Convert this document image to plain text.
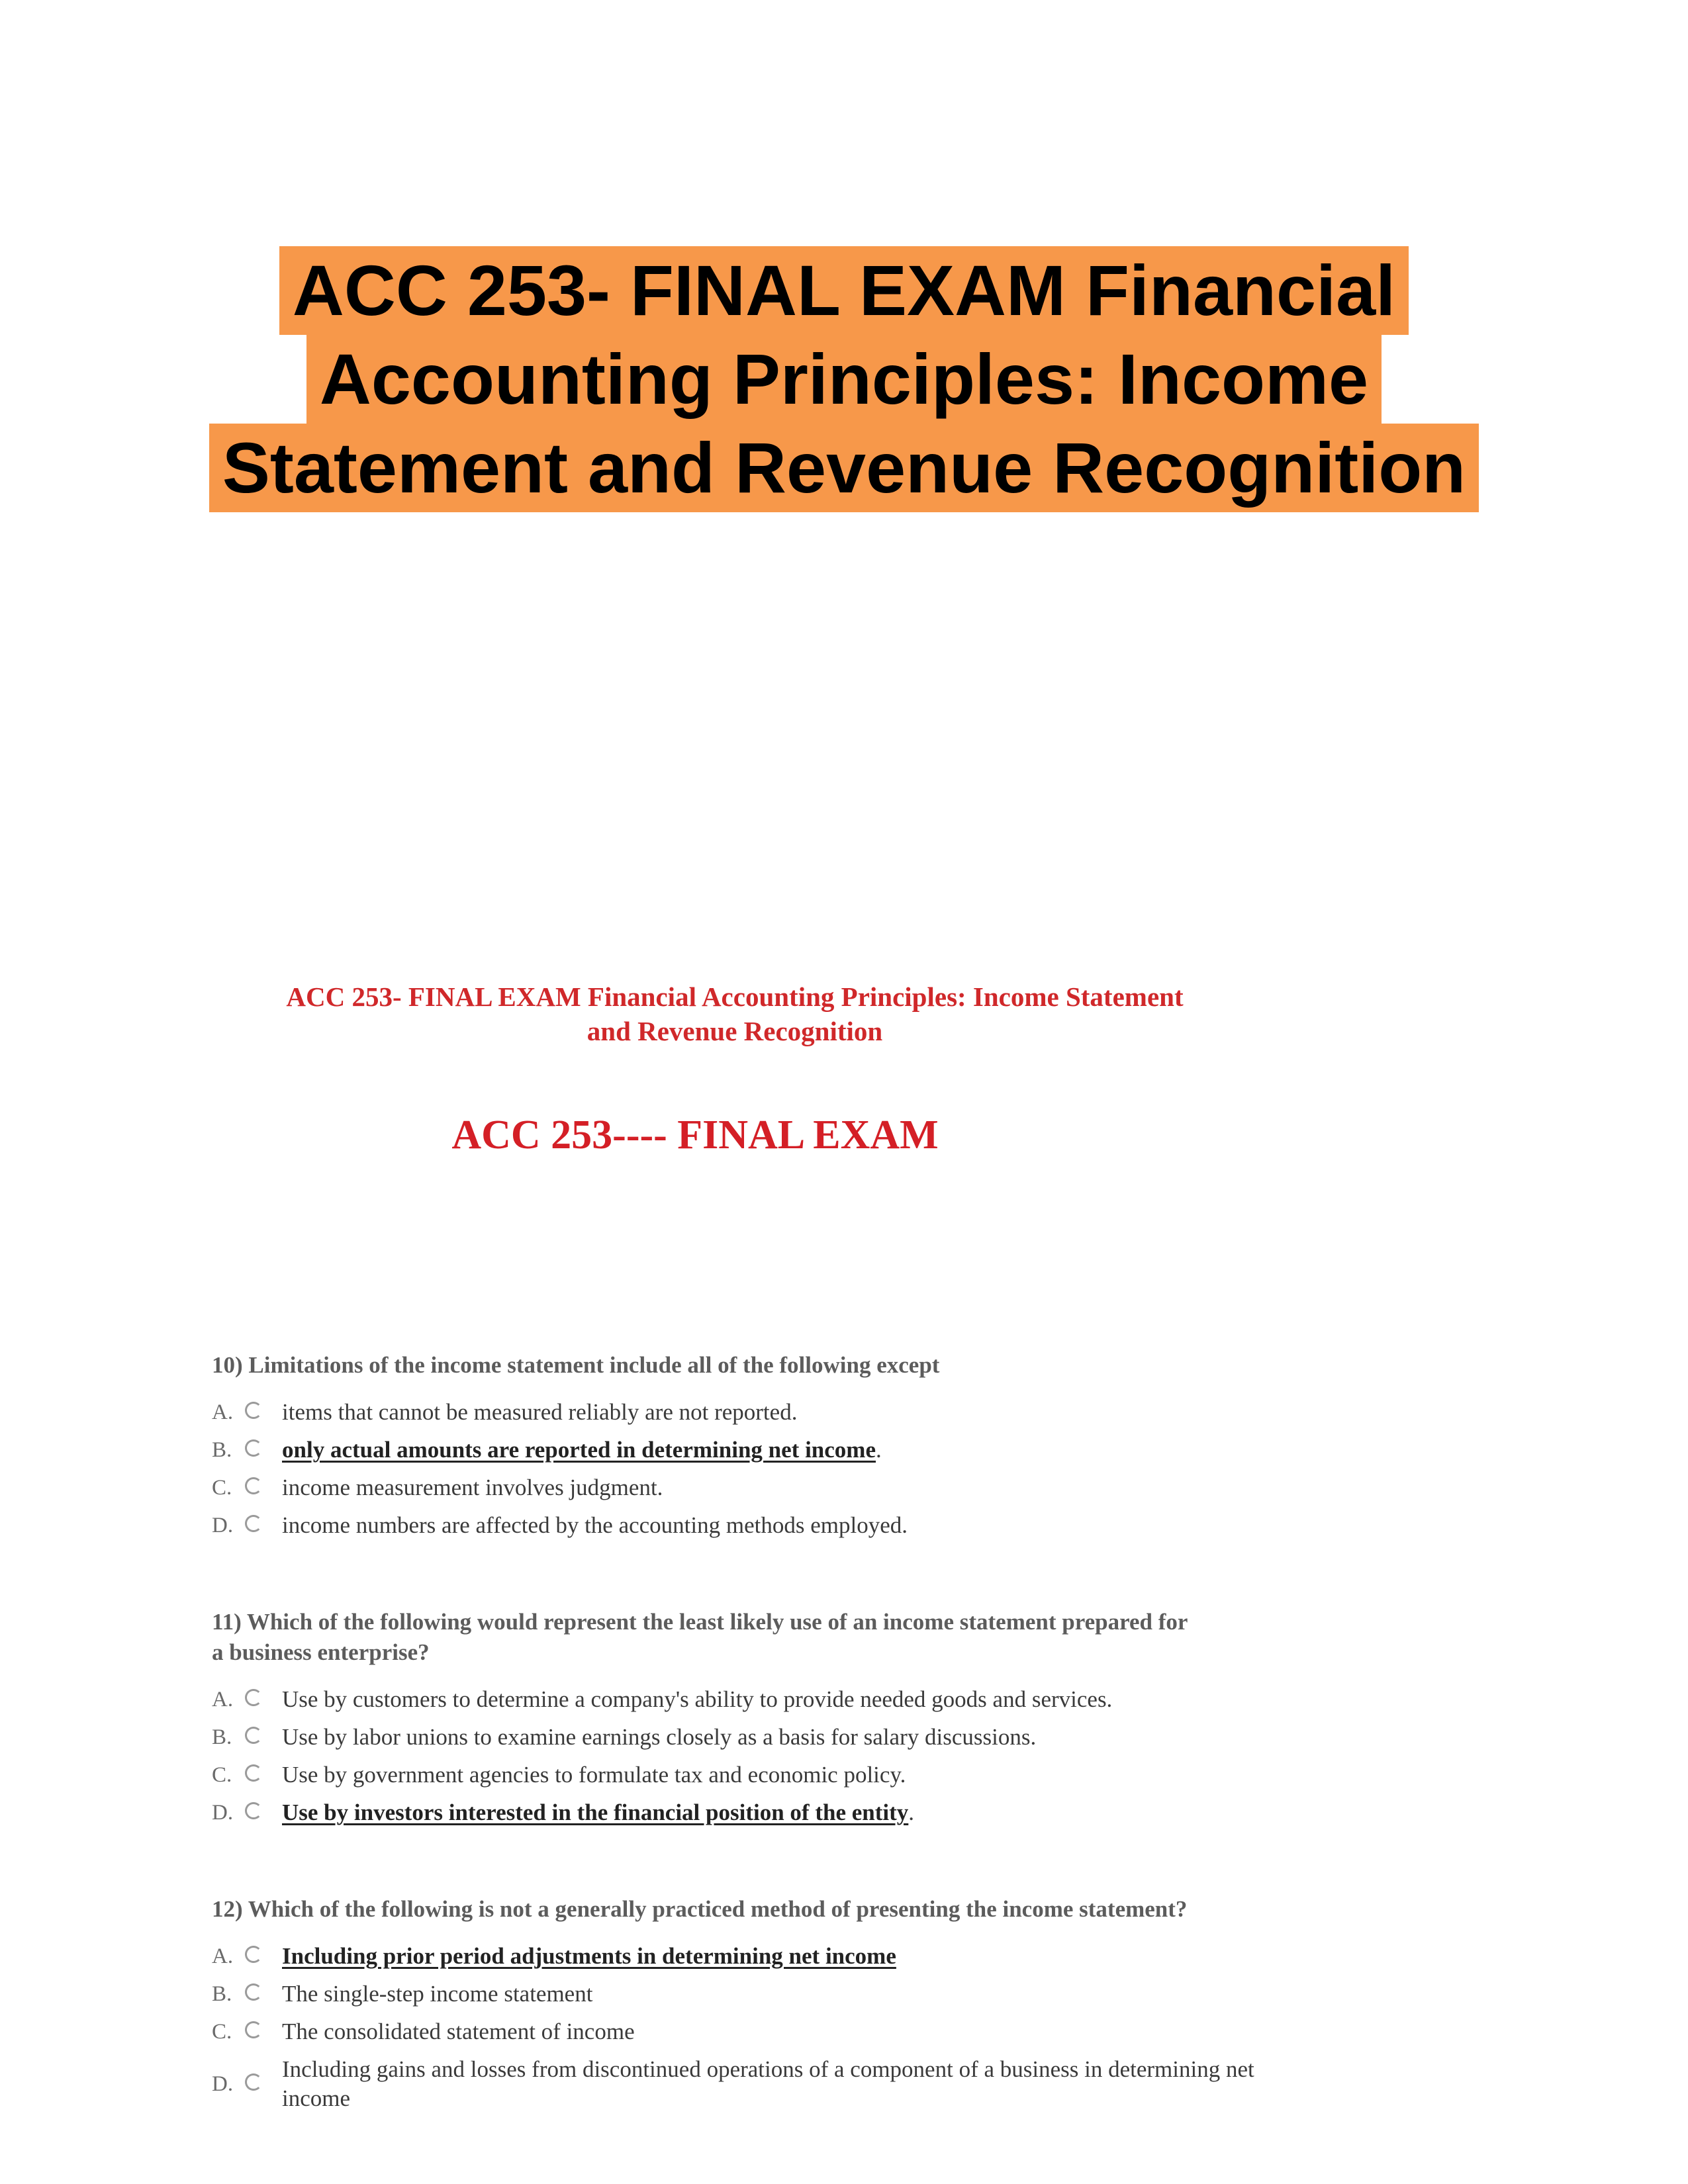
ACC 253- FINAL EXAM Financial
Accounting Principles: Income
Statement and Revenue Recognition
ACC 253- FINAL EXAM Financial Accounting Principles: Income Statement
and Revenue Recognition
ACC 253---- FINAL EXAM
10) Limitations of the income statement include all of the following except
A.	items that cannot be measured reliably are not reported.
B.	only actual amounts are reported in determining net income.
C.	income measurement involves judgment.
D.	income numbers are affected by the accounting methods employed.
11) Which of the following would represent the least likely use of an income statement prepared for a business enterprise?
A.	Use by customers to determine a company's ability to provide needed goods and services.
B.	Use by labor unions to examine earnings closely as a basis for salary discussions.
C.	Use by government agencies to formulate tax and economic policy.
D.	Use by investors interested in the financial position of the entity.
12) Which of the following is not a generally practiced method of presenting the income statement?
A.	Including prior period adjustments in determining net income
B.	The single-step income statement
C.	The consolidated statement of income
D.
Including gains and losses from discontinued operations of a component of a business in determining net income
